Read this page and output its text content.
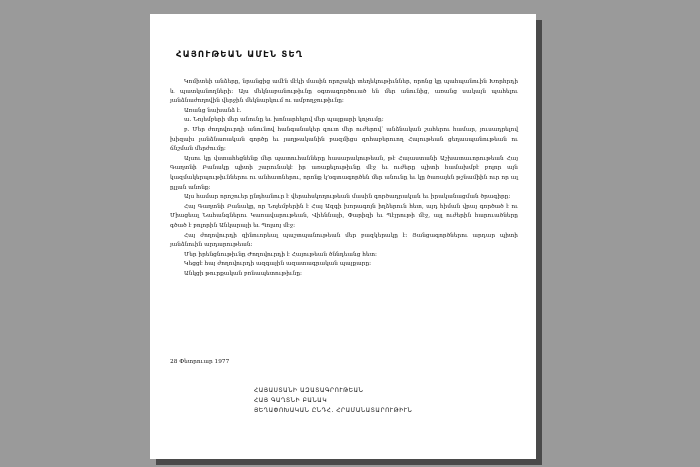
ՀԱՅՈՒԹԵԱՆ ԱՄԷՆ ՏԵՂ

Կոմիտեի անձերը, նրանցից ամէն մէկի մասին որոշակի տեղեկութիւններ, որոնց կը պահպանուին Խորհրդի և պատկանողների: Այս մեկնաբանութիւնը օգտագործուած են մեր անունից, առանց սակայն պահելու յանձնաժողովին վերջին մեկնարկում ու ամբողջութիւնը:

Առանց նախանձ է.

ա. Նոյեմբերի մեր անունը եւ խոնարհելով մեր պայքարի կոչումը:

բ. Մեր ժողովուրդի անունով հանգանակեր զուտ մեր ուժերով՝ անձնական շահերու համար, յուսադրելով խիզախ յանձնառական գործը եւ յաղթականին բազմիցս զոհաբերուող Հայութեան ցեղասպանութեան ու ճնշման մերժումը:

Այսու կը վստահեցնենք մեր պատուհանները հասարակութեան, թէ Հայաստանի Աշխատաւորութեան Հայ Գաղտնի Բանակը պիտի շարունակէ իր առաքելութիւնը մէջ եւ ուժերը պիտի համախմբէ բոլոր այն կազմակերպութիւններու ու անհատներու, որոնք կ՚օգտագործեն մեր անունը եւ կը ծառայեն թշնամիին ուր որ ալ ըլլան անոնք:

Այս համար որոշուեր ընդհանուր է վերահսկողութեան մասին գործադրական եւ իրականացման ծրագիրը:

Հայ Գաղտնի Բանակը, որ Նոյեմբերին է Հայ Ազգի խորագոյն իղձերուն հետ, այդ հիման վրայ գործած է ու Միացեալ Նահանգներու Կառավարութեան, Վիեննայի, Փարիզի եւ Պէյրութի մէջ, այլ ուժերին հարուածները գծած է բոլորին Անկարայի եւ Պոլսոյ մէջ:

Հայ ժողովուրդի զինուորեալ պաշտպանութեան մեր բազկերակը է: Յանցագործներու արդար պիտի յանձնուին արդարութեան:

Մեր իրենցնութիւնը Ժողովուրդի է Հայութեան ծննդեանց հետ:

Կեցցէ հայ ժողովուրդի ազգային ազատագրական պայքարը:

Անկցի թուրքական բռնապետութիւնը:

28 Փետրուար 1977
ՀԱՅԱՍՏԱՆԻ ԱԶԱՏԱԳՐՈՒԹԵԱՆ
ՀԱՅ ԳԱՂՏՆԻ ԲԱՆԱԿ
ՅԵՂԱՓՈԽԱԿԱՆ ԸՆԴՀ. ՀՐԱՄԱՆԱՏԱՐՈՒԹԻՒՆ
